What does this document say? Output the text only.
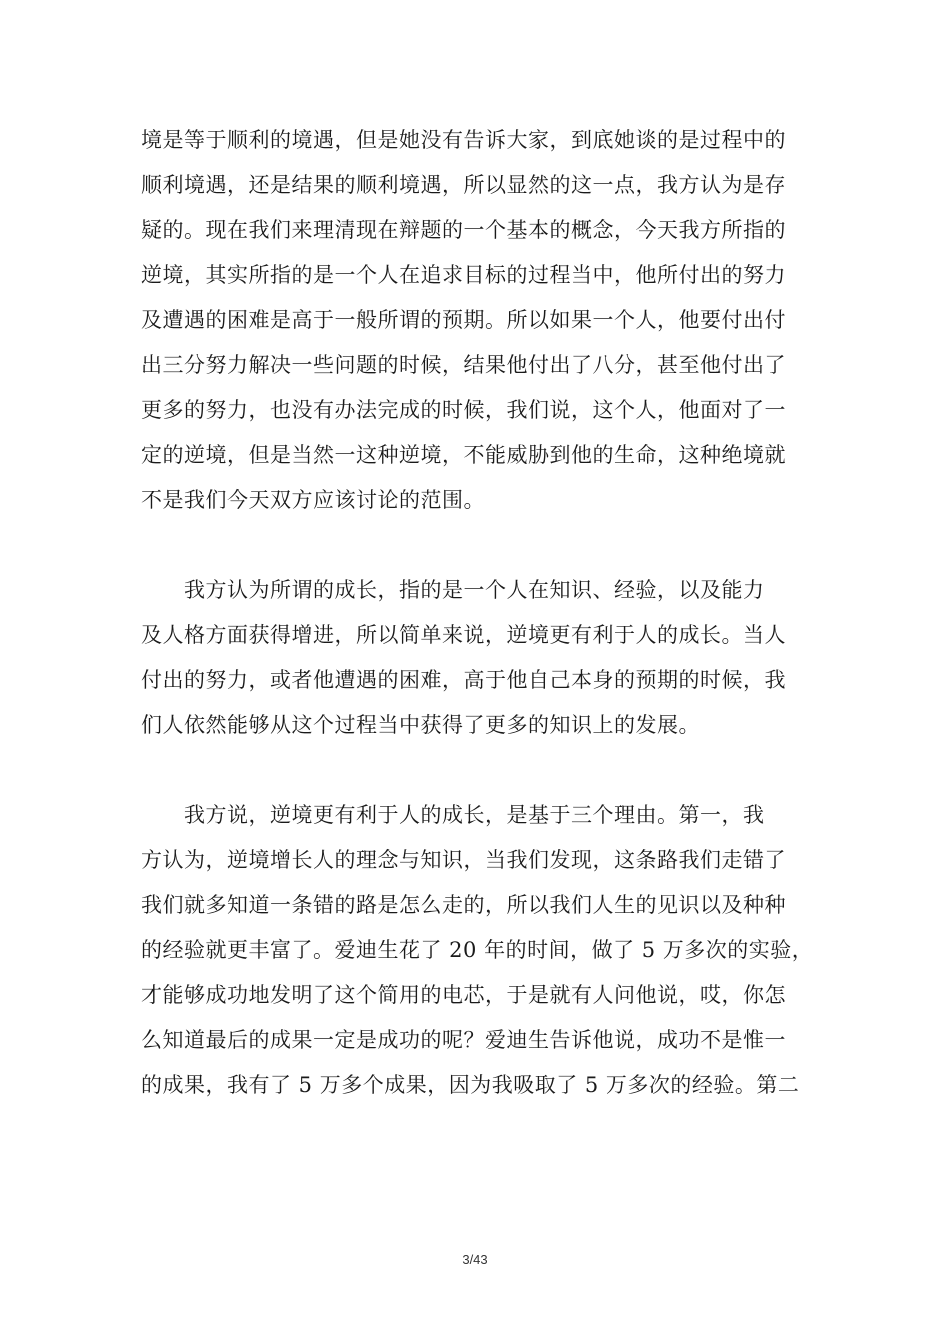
境是等于顺利的境遇，但是她没有告诉大家，到底她谈的是过程中的
顺利境遇，还是结果的顺利境遇，所以显然的这一点，我方认为是存
疑的。现在我们来理清现在辩题的一个基本的概念，今天我方所指的
逆境，其实所指的是一个人在追求目标的过程当中，他所付出的努力
及遭遇的困难是高于一般所谓的预期。所以如果一个人，他要付出付
出三分努力解决一些问题的时候，结果他付出了八分，甚至他付出了
更多的努力，也没有办法完成的时候，我们说，这个人，他面对了一
定的逆境，但是当然一这种逆境，不能威胁到他的生命，这种绝境就
不是我们今天双方应该讨论的范围。
　　我方认为所谓的成长，指的是一个人在知识、经验，以及能力
及人格方面获得增进，所以简单来说，逆境更有利于人的成长。当人
付出的努力，或者他遭遇的困难，高于他自己本身的预期的时候，我
们人依然能够从这个过程当中获得了更多的知识上的发展。
　　我方说，逆境更有利于人的成长，是基于三个理由。第一，我
方认为，逆境增长人的理念与知识，当我们发现，这条路我们走错了
我们就多知道一条错的路是怎么走的，所以我们人生的见识以及种种
的经验就更丰富了。爱迪生花了 20 年的时间，做了 5 万多次的实验，
才能够成功地发明了这个简用的电芯，于是就有人问他说，哎，你怎
么知道最后的成果一定是成功的呢？爱迪生告诉他说，成功不是惟一
的成果，我有了 5 万多个成果，因为我吸取了 5 万多次的经验。第二
3/43
